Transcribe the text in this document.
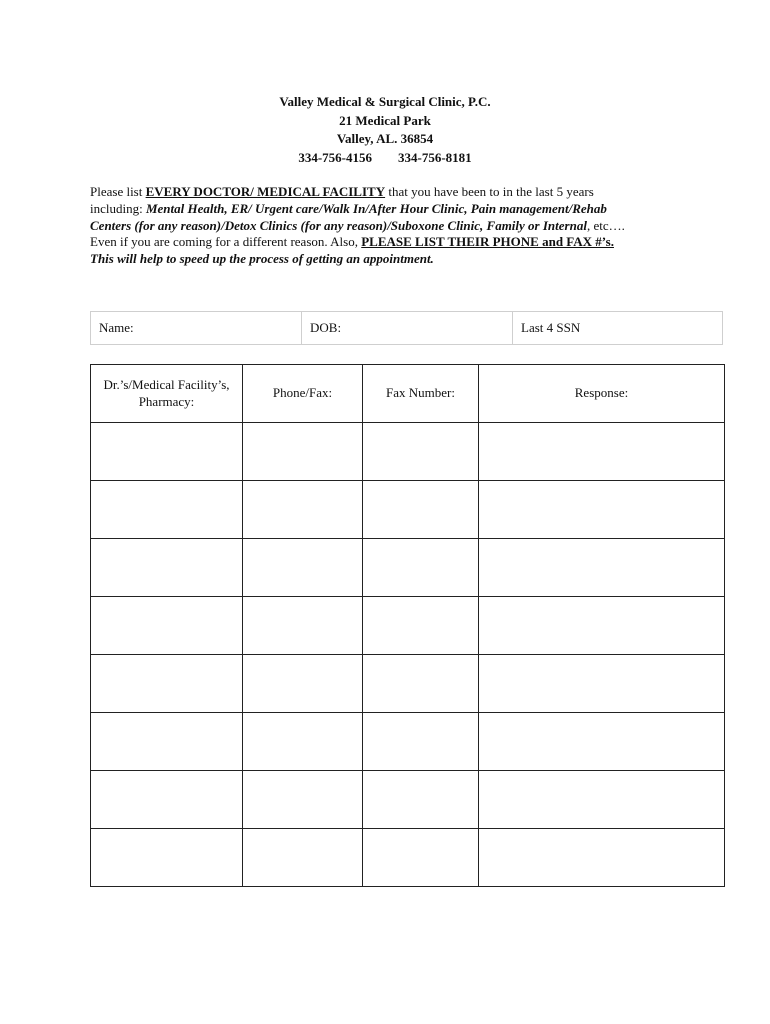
Valley Medical & Surgical Clinic, P.C.
21 Medical Park
Valley, AL. 36854
334-756-4156 334-756-8181
Please list EVERY DOCTOR/ MEDICAL FACILITY that you have been to in the last 5 years
including: Mental Health, ER/ Urgent care/Walk In/After Hour Clinic, Pain management/Rehab
Centers (for any reason)/Detox Clinics (for any reason)/Suboxone Clinic, Family or Internal, etc….
Even if you are coming for a different reason. Also, PLEASE LIST THEIR PHONE and FAX #’s.
This will help to speed up the process of getting an appointment.
Name:	DOB:	Last 4 SSN
Dr.’s/Medical Facility’s, Pharmacy:	Phone/Fax:	Fax Number:	Response:
